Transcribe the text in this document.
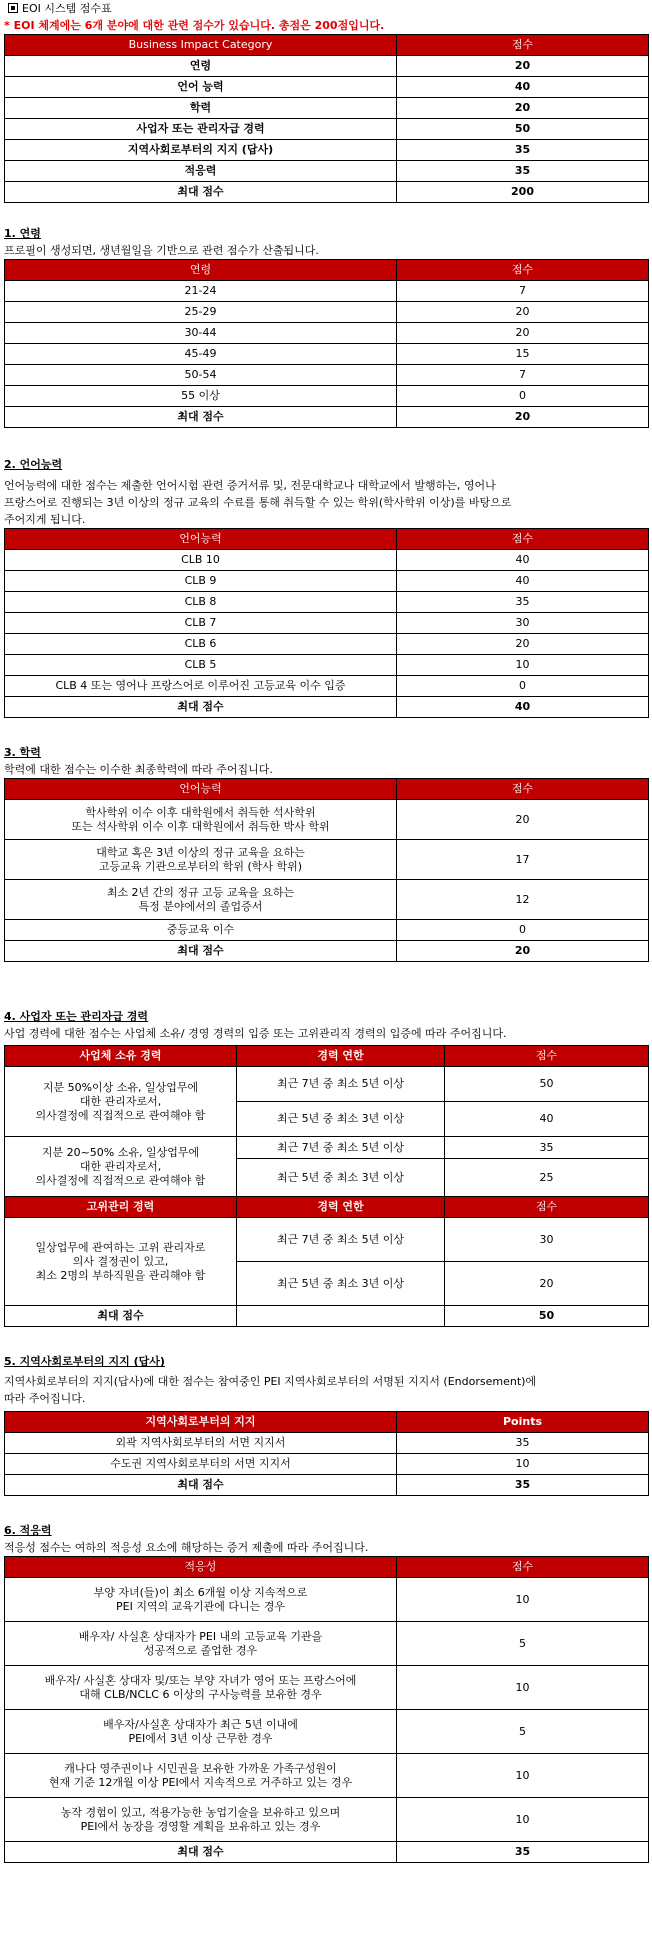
EOI 시스템 점수표
* EOI 체계에는 6개 분야에 대한 관련 점수가 있습니다. 총점은 200점입니다.
Business Impact Category	점수
연령	20
언어 능력	40
학력	20
사업자 또는 관리자급 경력	50
지역사회로부터의 지지 (답사)	35
적응력	35
최대 점수	200
1. 연령
프로필이 생성되면, 생년월일을 기반으로 관련 점수가 산출됩니다.
연령	점수
21-24	7
25-29	20
30-44	20
45-49	15
50-54	7
55 이상	0
최대 점수	20
2. 언어능력
언어능력에 대한 점수는 제출한 언어시험 관련 증거서류 및, 전문대학교나 대학교에서 발행하는, 영어나
프랑스어로 진행되는 3년 이상의 정규 교육의 수료를 통해 취득할 수 있는 학위(학사학위 이상)를 바탕으로
주어지게 됩니다.
언어능력	점수
CLB 10	40
CLB 9	40
CLB 8	35
CLB 7	30
CLB 6	20
CLB 5	10
CLB 4 또는 영어나 프랑스어로 이루어진 고등교육 이수 입증	0
최대 점수	40
3. 학력
학력에 대한 점수는 이수한 최종학력에 따라 주어집니다.
언어능력	점수

학사학위 이수 이후 대학원에서 취득한 석사학위
또는 석사학위 이수 이후 대학원에서 취득한 박사 학위	20

대학교 혹은 3년 이상의 정규 교육을 요하는
고등교육 기관으로부터의 학위 (학사 학위)	17

최소 2년 간의 정규 고등 교육을 요하는
특정 분야에서의 졸업증서	12
중등교육 이수	0
최대 점수	20
4. 사업자 또는 관리자급 경력
사업 경력에 대한 점수는 사업체 소유/ 경영 경력의 입증 또는 고위관리직 경력의 입증에 따라 주어집니다.
사업체 소유 경력	경력 연한	점수

지분 50%이상 소유, 일상업무에
대한 관리자로서,
의사결정에 직접적으로 관여해야 함	최근 7년 중 최소 5년 이상	50
	최근 5년 중 최소 3년 이상	40

지분 20~50% 소유, 일상업무에
대한 관리자로서,
의사결정에 직접적으로 관여해야 함	최근 7년 중 최소 5년 이상	35
	최근 5년 중 최소 3년 이상	25
고위관리 경력	경력 연한	점수

일상업무에 관여하는 고위 관리자로
의사 결정권이 있고,
최소 2명의 부하직원을 관리해야 함	최근 7년 중 최소 5년 이상	30
	최근 5년 중 최소 3년 이상	20
최대 점수		50
5. 지역사회로부터의 지지 (답사)
지역사회로부터의 지지(답사)에 대한 점수는 참여중인 PEI 지역사회로부터의 서명된 지지서 (Endorsement)에
따라 주어집니다.
지역사회로부터의 지지	Points
외곽 지역사회로부터의 서면 지지서	35
수도권 지역사회로부터의 서면 지지서	10
최대 점수	35
6. 적응력
적응성 점수는 여하의 적응성 요소에 해당하는 증거 제출에 따라 주어집니다.
적응성	점수

부양 자녀(들)이 최소 6개월 이상 지속적으로
PEI 지역의 교육기관에 다니는 경우	10

배우자/ 사실혼 상대자가 PEI 내의 고등교육 기관을
성공적으로 졸업한 경우	5

배우자/ 사실혼 상대자 및/또는 부양 자녀가 영어 또는 프랑스어에
대해 CLB/NCLC 6 이상의 구사능력를 보유한 경우	10

배우자/사실혼 상대자가 최근 5년 이내에
PEI에서 3년 이상 근무한 경우	5

캐나다 영주권이나 시민권을 보유한 가까운 가족구성원이
현재 기준 12개월 이상 PEI에서 지속적으로 거주하고 있는 경우	10

농작 경험이 있고, 적용가능한 농업기술을 보유하고 있으며
PEI에서 농장을 경영할 계획을 보유하고 있는 경우	10
최대 점수	35
